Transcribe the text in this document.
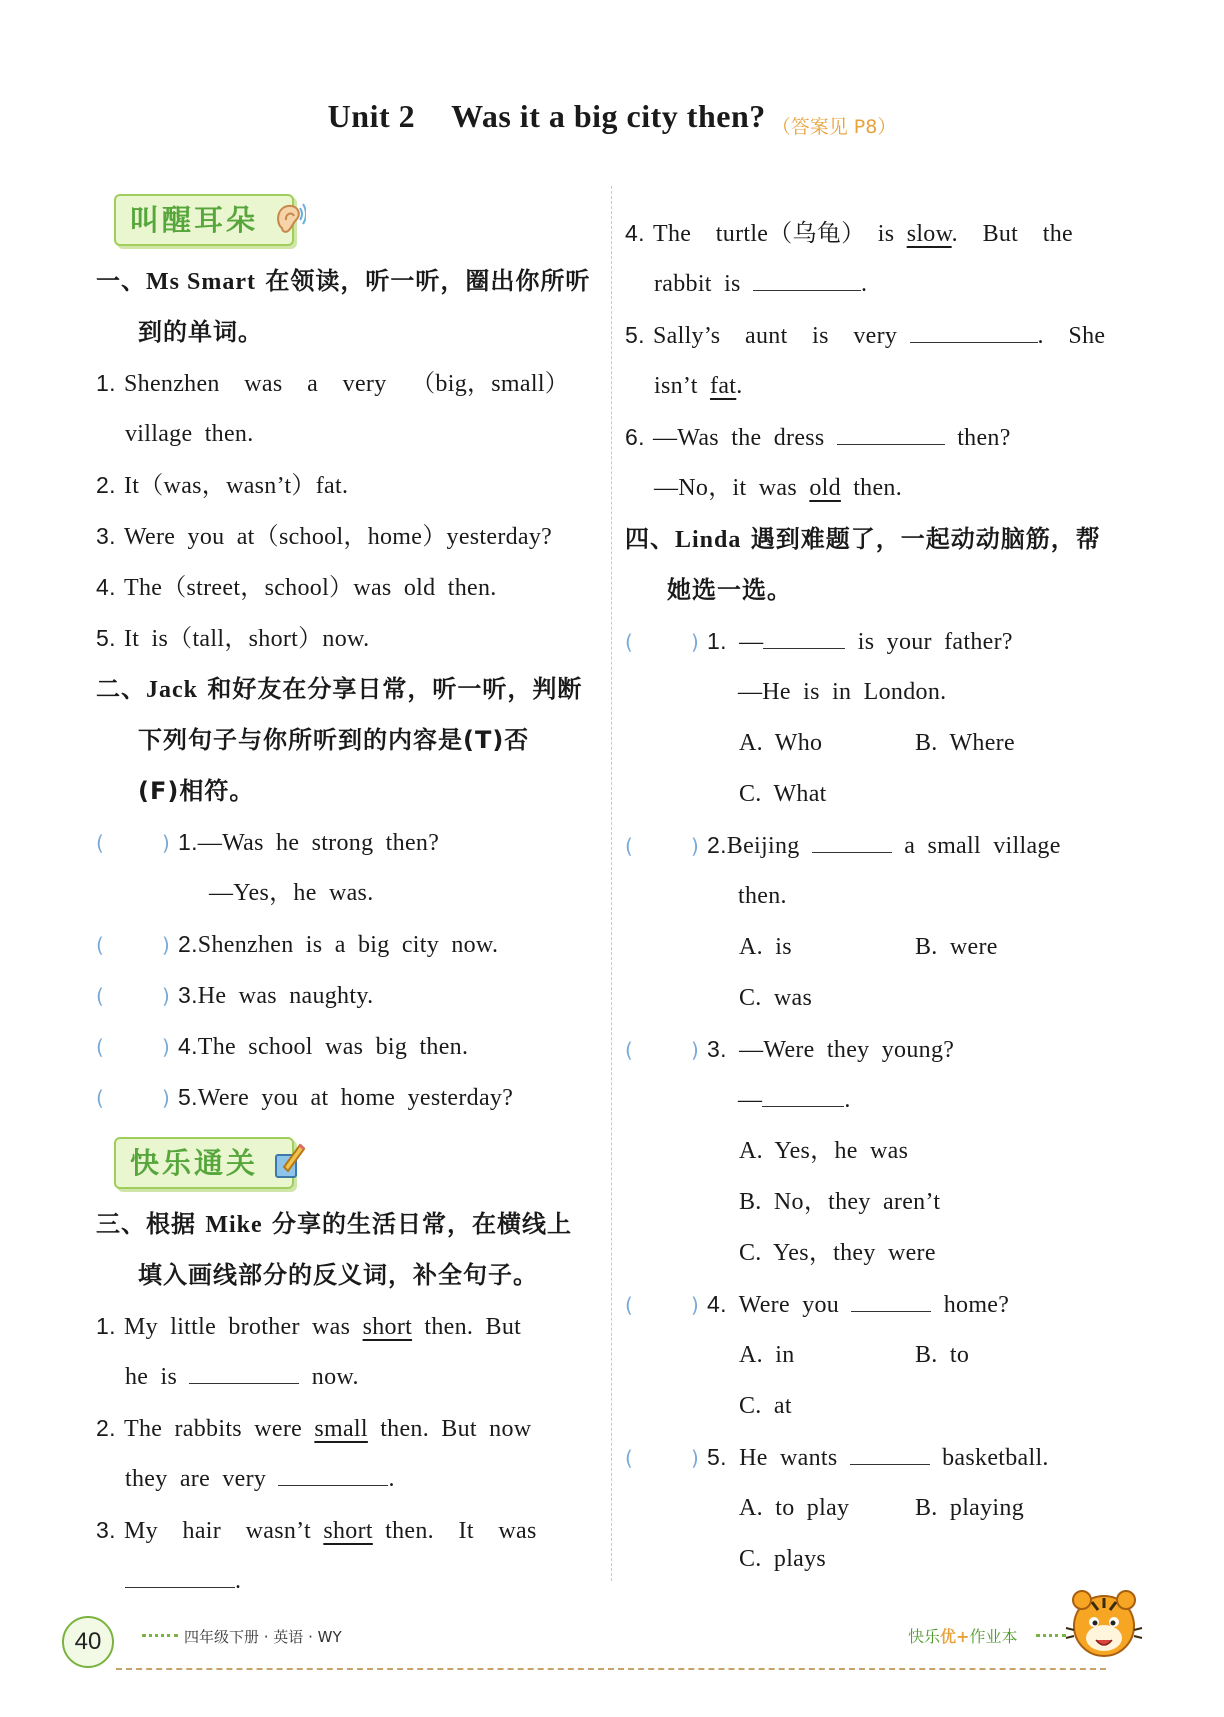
Unit 2 Was it a big city then? （答案见 P8）
叫醒耳朵
一、Ms Smart 在领读，听一听，圈出你所听
到的单词。
1. Shenzhen  was  a  very  （big，small）
village then.
2. It（was，wasn’t）fat.
3. Were you at（school，home）yesterday?
4. The（street，school）was old then.
5. It is（tall，short）now.
二、Jack 和好友在分享日常，听一听，判断
下列句子与你所听到的内容是(T)否
(F)相符。
(	) 1.—Was he strong then?
—Yes，he was.
(	) 2.Shenzhen is a big city now.
(	) 3.He was naughty.
(	) 4.The school was big then.
(	) 5.Were you at home yesterday?
快乐通关
三、根据 Mike 分享的生活日常，在横线上
填入画线部分的反义词，补全句子。
1. My little brother was short then. But
he is	now.
2. The rabbits were small then. But now
they are very	.
3. My  hair  wasn’t short then.  It  was
.
4. The  turtle（乌龟） is slow.  But  the
rabbit is	.
5. Sally’s  aunt  is  very	.  She
isn’t fat.
6. —Was the dress	then?
—No，it was old then.
四、Linda 遇到难题了，一起动动脑筋，帮
她选一选。
(	) 1. —	is your father?
—He is in London.
A. Who	B. Where
C. What
(	) 2.Beijing	a small village
then.
A. is	B. were
C. was
(	) 3. —Were they young?
—	.
A. Yes，he was
B. No，they aren’t
C. Yes，they were
(	) 4. Were you	home?
A. in	B. to
C. at
(	) 5. He wants	basketball.
A. to play	B. playing
C. plays
40	四年级下册 · 英语 · WY	快乐优+作业本
